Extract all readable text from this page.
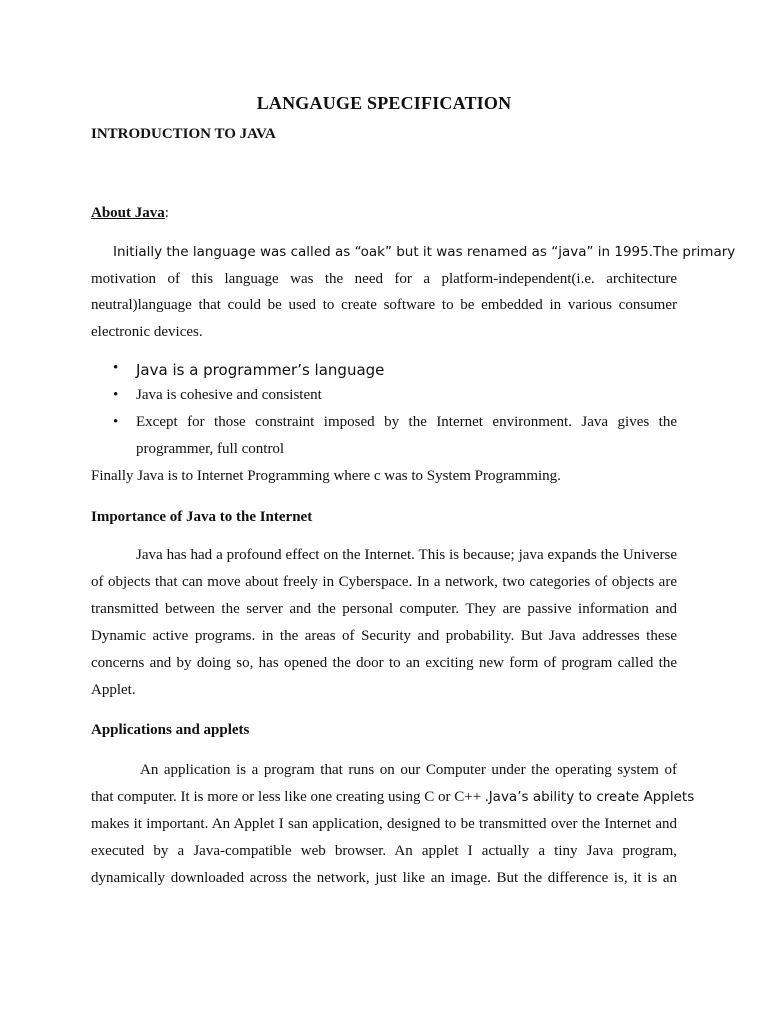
LANGAUGE SPECIFICATION

INTRODUCTION TO JAVA

About Java:

Initially the language was called as “oak” but it was renamed as “java” in 1995.The primary

motivation of this language was the need for a platform-independent(i.e. architecture

neutral)language that could be used to create software to be embedded in various consumer

electronic devices.

• Java is a programmer’s language

• Java is cohesive and consistent

• Except for those constraint imposed by the Internet environment. Java gives the

programmer, full control

Finally Java is to Internet Programming where c was to System Programming.

Importance of Java to the Internet

Java has had a profound effect on the Internet. This is because; java expands the Universe

of objects that can move about freely in Cyberspace. In a network, two categories of objects are

transmitted between the server and the personal computer. They are passive information and

Dynamic active programs. in the areas of Security and probability. But Java addresses these

concerns and by doing so, has opened the door to an exciting new form of program called the

Applet.

Applications and applets

An application is a program that runs on our Computer under the operating system of

that computer. It is more or less like one creating using C or C++ .Java’s ability to create Applets

makes it important. An Applet I san application, designed to be transmitted over the Internet and

executed by a Java-compatible web browser. An applet I actually a tiny Java program,

dynamically downloaded across the network, just like an image. But the difference is, it is an
